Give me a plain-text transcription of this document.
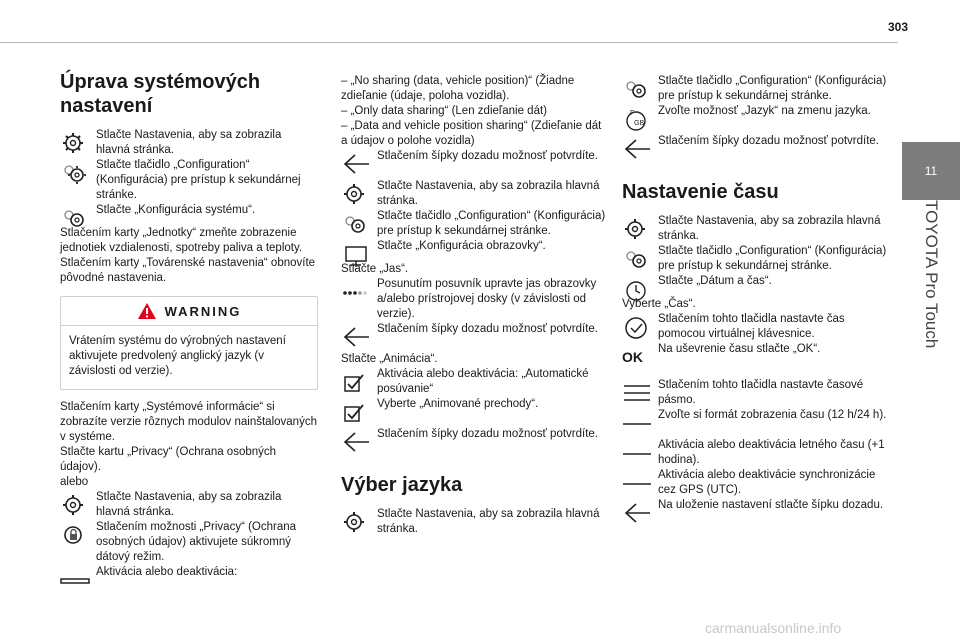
303
11
TOYOTA Pro Touch
Úprava systémových nastavení

Stlačte Nastavenia, aby sa zobrazila hlavná stránka.

Stlačte tlačidlo „Configuration“ (Konfigurácia) pre prístup k sekundárnej stránke.

Stlačte „Konfigurácia systému“.

Stlačením karty „Jednotky“ zmeňte zobrazenie jednotiek vzdialenosti, spotreby paliva a teploty.

Stlačením karty „Továrenské nastavenia“ obnovíte pôvodné nastavenia.

WARNING

Vrátením systému do výrobných nastavení aktivujete predvolený anglický jazyk (v závislosti od verzie).

Stlačením karty „Systémové informácie“ si zobrazíte verzie rôznych modulov nainštalovaných v systéme.

Stlačte kartu „Privacy“ (Ochrana osobných údajov).

alebo

Stlačte Nastavenia, aby sa zobrazila hlavná stránka.

Stlačením možnosti „Privacy“ (Ochrana osobných údajov) aktivujete súkromný dátový režim.

Aktivácia alebo deaktivácia:

– „No sharing (data, vehicle position)“ (Žiadne zdieľanie (údaje, poloha vozidla).

– „Only data sharing“ (Len zdieľanie dát)

– „Data and vehicle position sharing“ (Zdieľanie dát a údajov o polohe vozidla)

Stlačením šípky dozadu možnosť potvrdíte.

Stlačte Nastavenia, aby sa zobrazila hlavná stránka.

Stlačte tlačidlo „Configuration“ (Konfigurácia) pre prístup k sekundárnej stránke.

Stlačte „Konfigurácia obrazovky“.

Stlačte „Jas“.

Posunutím posuvník upravte jas obrazovky a/alebo prístrojovej dosky (v závislosti od verzie).

Stlačením šípky dozadu možnosť potvrdíte.

Stlačte „Animácia“.

Aktivácia alebo deaktivácia: „Automatické posúvanie“

Vyberte „Animované prechody“.

Stlačením šípky dozadu možnosť potvrdíte.

Výber jazyka

Stlačte Nastavenia, aby sa zobrazila hlavná stránka.

Stlačte tlačidlo „Configuration“ (Konfigurácia) pre prístup k sekundárnej stránke.

F
GB

Zvoľte možnosť „Jazyk“ na zmenu jazyka.

Stlačením šípky dozadu možnosť potvrdíte.

Nastavenie času

Stlačte Nastavenia, aby sa zobrazila hlavná stránka.

Stlačte tlačidlo „Configuration“ (Konfigurácia) pre prístup k sekundárnej stránke.

Stlačte „Dátum a čas“.

Vyberte „Čas“.

Stlačením tohto tlačidla nastavte čas pomocou virtuálnej klávesnice.

OK	Na uševrenie času stlačte „OK“.

Stlačením tohto tlačidla nastavte časové pásmo.

Zvoľte si formát zobrazenia času (12 h/24 h).

Aktivácia alebo deaktivácia letného času (+1 hodina).

Aktivácia alebo deaktivácie synchronizácie cez GPS (UTC).

Na uloženie nastavení stlačte šípku dozadu.

carmanualsonline.info
